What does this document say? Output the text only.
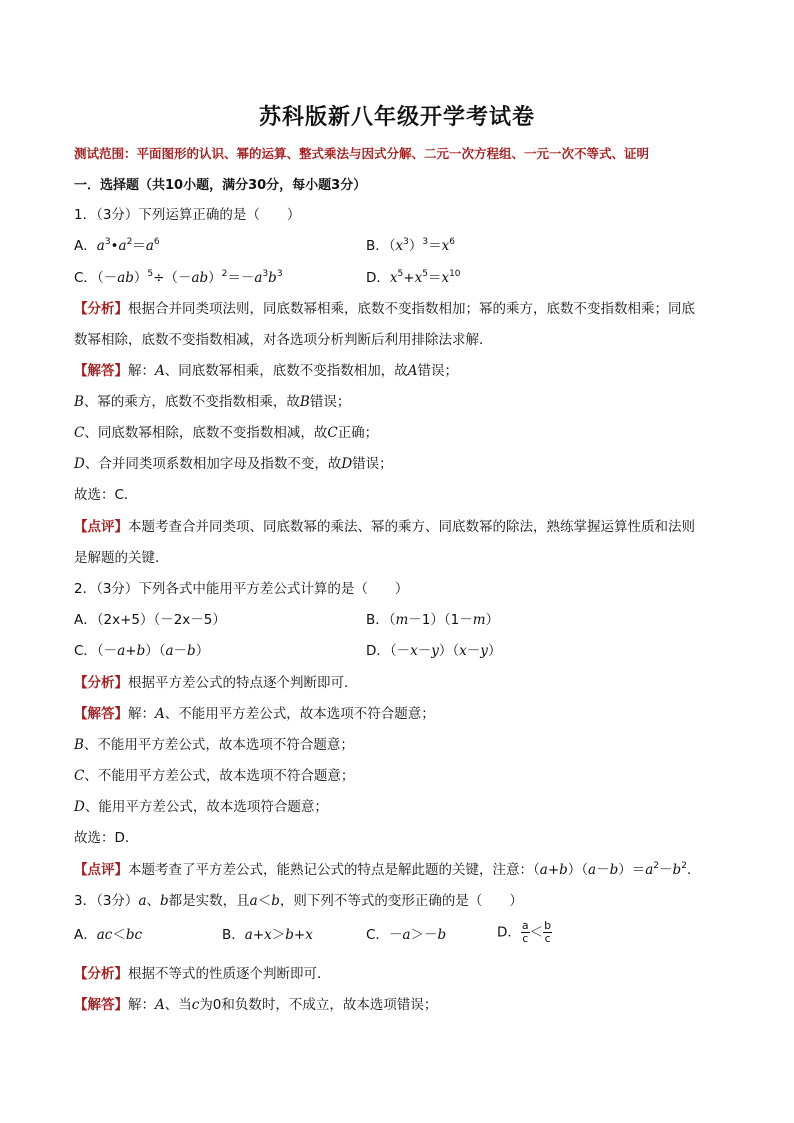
苏科版新八年级开学考试卷
测试范围：平面图形的认识、幂的运算、整式乘法与因式分解、二元一次方程组、一元一次不等式、证明
一．选择题（共10小题，满分30分，每小题3分）
1．（3分）下列运算正确的是（　　）
A．$a^3•a^2=a^6$	B．$(x^3)^3=x^6$
C．$(-ab)^5\div(-ab)^2=-a^3b^3$	D．$x^5+x^5=x^{10}$
【分析】根据合并同类项法则，同底数幂相乘，底数不变指数相加；幂的乘方，底数不变指数相乘；同底
数幂相除，底数不变指数相减，对各选项分析判断后利用排除法求解．
【解答】解：A、同底数幂相乘，底数不变指数相加，故A错误；
B、幂的乘方，底数不变指数相乘，故B错误；
C、同底数幂相除，底数不变指数相减，故C正确；
D、合并同类项系数相加字母及指数不变，故D错误；
故选：C．
【点评】本题考查合并同类项、同底数幂的乘法、幂的乘方、同底数幂的除法，熟练掌握运算性质和法则
是解题的关键．
2．（3分）下列各式中能用平方差公式计算的是（　　）
A．（2x+5）（－2x－5）	B．（m－1）（1－m）
C．（－a+b）（a－b）	D．（－x－y）（x－y）
【分析】根据平方差公式的特点逐个判断即可．
【解答】解：A、不能用平方差公式，故本选项不符合题意；
B、不能用平方差公式，故本选项不符合题意；
C、不能用平方差公式，故本选项不符合题意；
D、能用平方差公式，故本选项符合题意；
故选：D．
【点评】本题考查了平方差公式，能熟记公式的特点是解此题的关键，注意：$(a+b)(a-b)=a^2-b^2$．
3．（3分）a、b都是实数，且a＜b，则下列不等式的变形正确的是（　　）
A．ac＜bc	B．a+x＞b+x	C．－a＞－b	D． $\frac{a}{c} < \frac{b}{c}$
【分析】根据不等式的性质逐个判断即可．
【解答】解：A、当c为0和负数时，不成立，故本选项错误；
